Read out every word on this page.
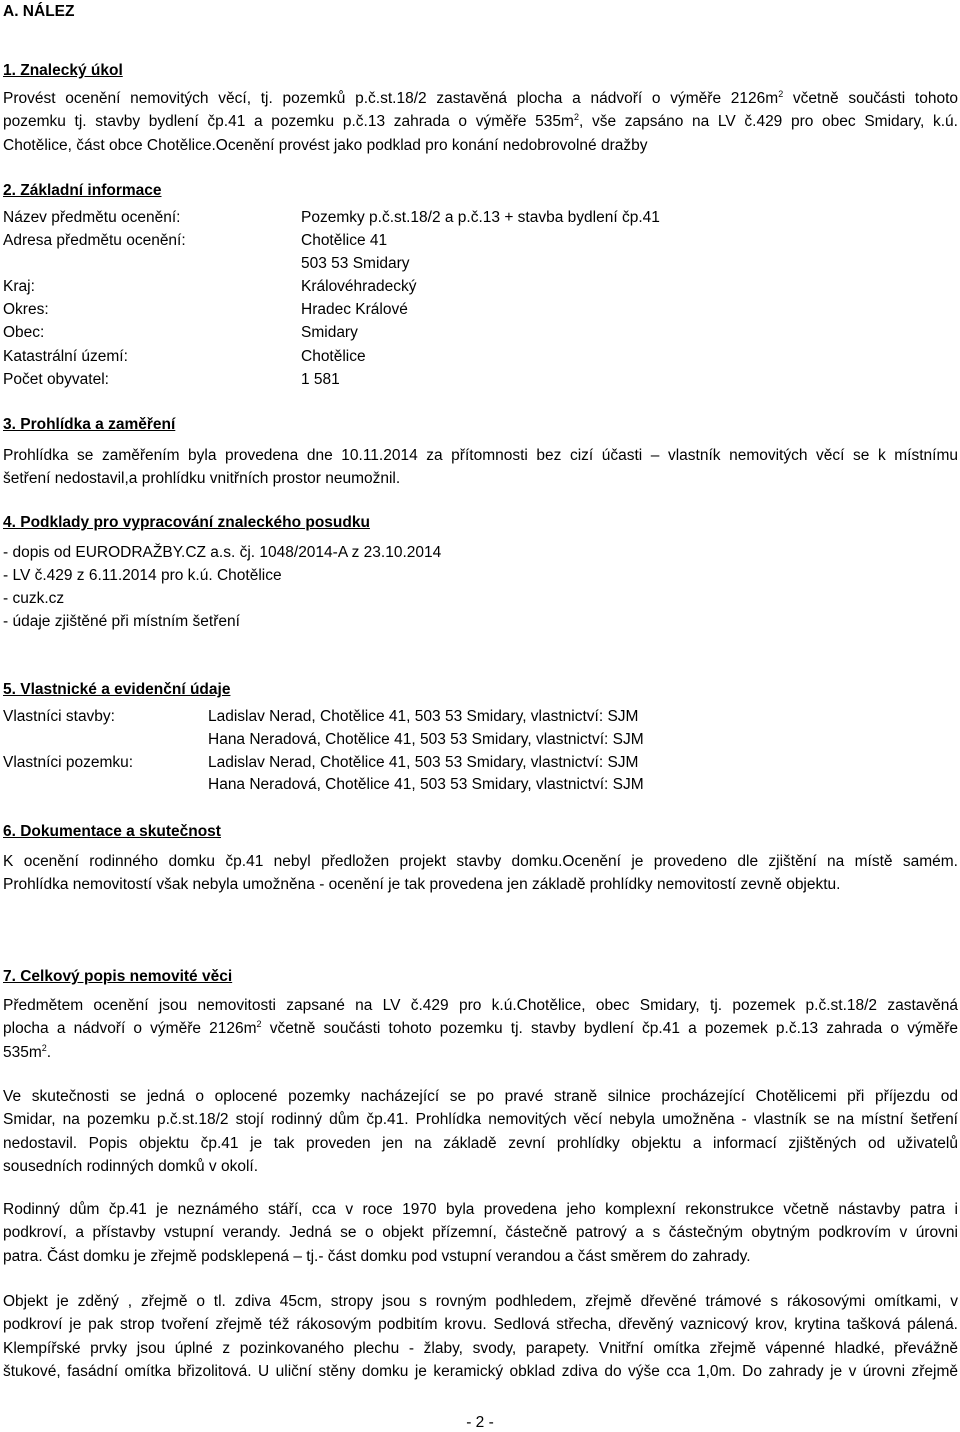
A. NÁLEZ
1. Znalecký úkol
Provést ocenění nemovitých věcí, tj. pozemků p.č.st.18/2 zastavěná plocha a nádvoří o výměře $2126m^2$ včetně součásti tohoto
pozemku tj. stavby bydlení čp.41 a pozemku p.č.13 zahrada o výměře $535m^2$, vše zapsáno na LV č.429 pro obec Smidary, k.ú.
Chotělice, část obce Chotělice.Ocenění provést jako podklad pro konání nedobrovolné dražby
2. Základní informace
Název předmětu ocenění:	Pozemky p.č.st.18/2 a p.č.13 + stavba bydlení čp.41
Adresa předmětu ocenění:	Chotělice 41
503 53 Smidary
Kraj:	Královéhradecký
Okres:	Hradec Králové
Obec:	Smidary
Katastrální území:	Chotělice
Počet obyvatel:	1 581
3. Prohlídka a zaměření
Prohlídka se zaměřením byla provedena dne 10.11.2014 za přítomnosti bez cizí účasti – vlastník nemovitých věcí se k místnímu
šetření nedostavil,a prohlídku vnitřních prostor neumožnil.
4. Podklady pro vypracování znaleckého posudku
- dopis od EURODRAŽBY.CZ a.s. čj. 1048/2014-A z 23.10.2014
- LV č.429 z 6.11.2014 pro k.ú. Chotělice
- cuzk.cz
- údaje zjištěné při místním šetření
5. Vlastnické a evidenční údaje
Vlastníci stavby:	Ladislav Nerad, Chotělice 41, 503 53 Smidary, vlastnictví: SJM
Hana Neradová, Chotělice 41, 503 53 Smidary, vlastnictví: SJM
Vlastníci pozemku:	Ladislav Nerad, Chotělice 41, 503 53 Smidary, vlastnictví: SJM
Hana Neradová, Chotělice 41, 503 53 Smidary, vlastnictví: SJM
6. Dokumentace a skutečnost
K ocenění rodinného domku čp.41 nebyl předložen projekt stavby domku.Ocenění je provedeno dle zjištění na místě samém.
Prohlídka nemovitostí však nebyla umožněna - ocenění je tak provedena jen základě prohlídky nemovitostí zevně objektu.
7. Celkový popis nemovité věci
Předmětem ocenění jsou nemovitosti zapsané na LV č.429 pro k.ú.Chotělice, obec Smidary, tj. pozemek p.č.st.18/2 zastavěná
plocha a nádvoří o výměře $2126m^2$ včetně součásti tohoto pozemku tj. stavby bydlení čp.41 a pozemek p.č.13 zahrada o výměře
$535m^2$.
Ve skutečnosti se jedná o oplocené pozemky nacházející se po pravé straně silnice procházející Chotělicemi při příjezdu od
Smidar, na pozemku p.č.st.18/2 stojí rodinný dům čp.41. Prohlídka nemovitých věcí nebyla umožněna - vlastník se na místní šetření
nedostavil. Popis objektu čp.41 je tak proveden jen na základě zevní prohlídky objektu a informací zjištěných od uživatelů
sousedních rodinných domků v okolí.
Rodinný dům čp.41 je neznámého stáří, cca v roce 1970 byla provedena jeho komplexní rekonstrukce včetně nástavby patra i
podkroví, a přístavby vstupní verandy. Jedná se o objekt přízemní, částečně patrový a s částečným obytným podkrovím v úrovni
patra. Část domku je zřejmě podsklepená – tj.- část domku pod vstupní verandou a část směrem do zahrady.
Objekt je zděný , zřejmě o tl. zdiva 45cm, stropy jsou s rovným podhledem, zřejmě dřevěné trámové s rákosovými omítkami, v
podkroví je pak strop tvoření zřejmě též rákosovým podbitím krovu. Sedlová střecha, dřevěný vaznicový krov, krytina tašková pálená.
Klempířské prvky jsou úplné z pozinkovaného plechu - žlaby, svody, parapety. Vnitřní omítka zřejmě vápenné hladké, převážně
štukové, fasádní omítka břizolitová. U uliční stěny domku je keramický obklad zdiva do výše cca 1,0m. Do zahrady je v úrovni zřejmě
- 2 -
